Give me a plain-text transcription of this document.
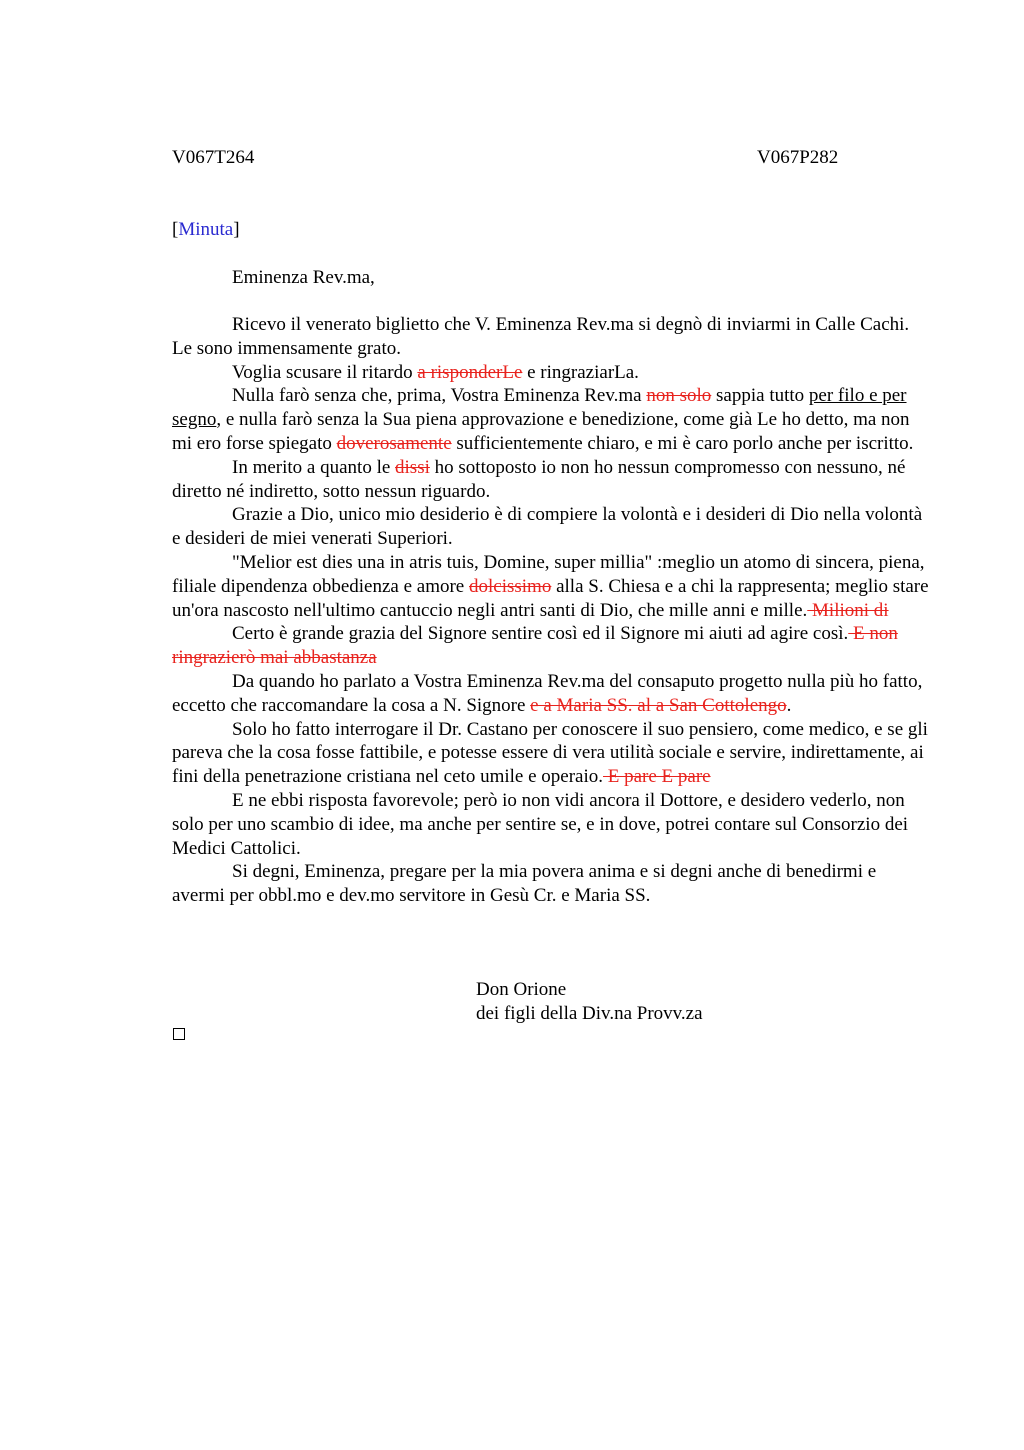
V067T264	V067P282
[Minuta]
Eminenza Rev.ma,

Ricevo il venerato biglietto che V. Eminenza Rev.ma si degnò di inviarmi in Calle Cachi. Le sono immensamente grato.

Voglia scusare il ritardo a risponderLe e ringraziarLa.

Nulla farò senza che, prima, Vostra Eminenza Rev.ma non solo sappia tutto per filo e per segno, e nulla farò senza la Sua piena approvazione e benedizione, come già Le ho detto, ma non mi ero forse spiegato doverosamente sufficientemente chiaro, e mi è caro porlo anche per iscritto.

In merito a quanto le dissi ho sottoposto io non ho nessun compromesso con nessuno, né diretto né indiretto, sotto nessun riguardo.

Grazie a Dio, unico mio desiderio è di compiere la volontà e i desideri di Dio nella volontà e desideri de miei venerati Superiori.

"Melior est dies una in atris tuis, Domine, super millia" :meglio un atomo di sincera, piena, filiale dipendenza obbedienza e amore dolcissimo alla S. Chiesa e a chi la rappresenta; meglio stare un'ora nascosto nell'ultimo cantuccio negli antri santi di Dio, che mille anni e mille. Milioni di

Certo è grande grazia del Signore sentire così ed il Signore mi aiuti ad agire così. E non ringrazierò mai abbastanza

Da quando ho parlato a Vostra Eminenza Rev.ma del consaputo progetto nulla più ho fatto, eccetto che raccomandare la cosa a N. Signore e a Maria SS. al a San Cottolengo.

Solo ho fatto interrogare il Dr. Castano per conoscere il suo pensiero, come medico, e se gli pareva che la cosa fosse fattibile, e potesse essere di vera utilità sociale e servire, indirettamente, ai fini della penetrazione cristiana nel ceto umile e operaio. E pare E pare

E ne ebbi risposta favorevole; però io non vidi ancora il Dottore, e desidero vederlo, non solo per uno scambio di idee, ma anche per sentire se, e in dove, potrei contare sul Consorzio dei Medici Cattolici.

Si degni, Eminenza, pregare per la mia povera anima e si degni anche di benedirmi e avermi per obbl.mo e dev.mo servitore in Gesù Cr. e Maria SS.

Don Orione
dei figli della Div.na Provv.za
